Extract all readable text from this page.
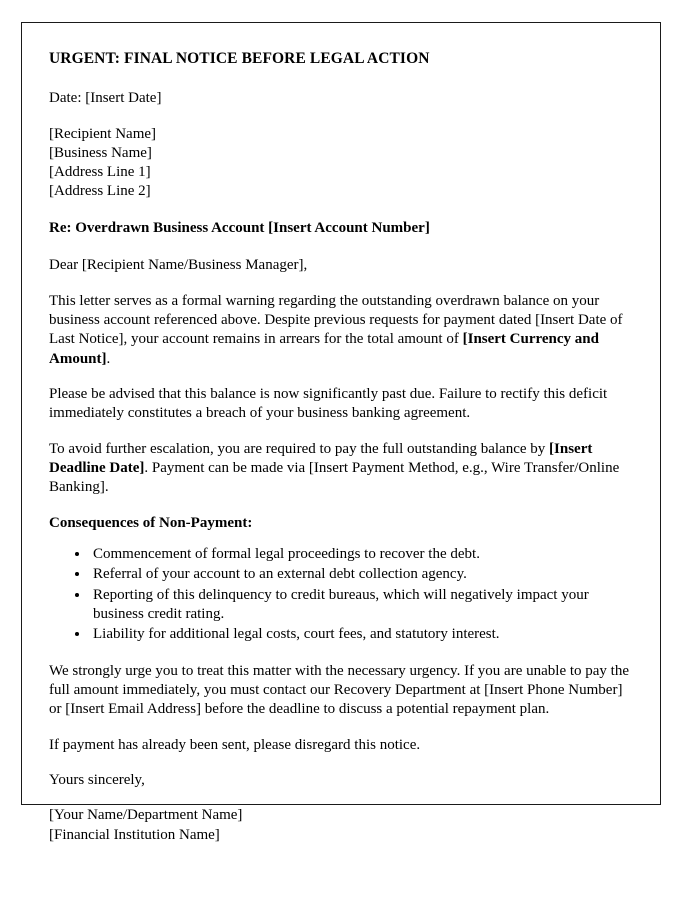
URGENT: FINAL NOTICE BEFORE LEGAL ACTION

Date: [Insert Date]

[Recipient Name]
[Business Name]
[Address Line 1]
[Address Line 2]

Re: Overdrawn Business Account [Insert Account Number]

Dear [Recipient Name/Business Manager],

This letter serves as a formal warning regarding the outstanding overdrawn balance on your business account referenced above. Despite previous requests for payment dated [Insert Date of Last Notice], your account remains in arrears for the total amount of [Insert Currency and Amount].

Please be advised that this balance is now significantly past due. Failure to rectify this deficit immediately constitutes a breach of your business banking agreement.

To avoid further escalation, you are required to pay the full outstanding balance by [Insert Deadline Date]. Payment can be made via [Insert Payment Method, e.g., Wire Transfer/Online Banking].

Consequences of Non-Payment:

• Commencement of formal legal proceedings to recover the debt.
• Referral of your account to an external debt collection agency.
• Reporting of this delinquency to credit bureaus, which will negatively impact your business credit rating.
• Liability for additional legal costs, court fees, and statutory interest.

We strongly urge you to treat this matter with the necessary urgency. If you are unable to pay the full amount immediately, you must contact our Recovery Department at [Insert Phone Number] or [Insert Email Address] before the deadline to discuss a potential repayment plan.

If payment has already been sent, please disregard this notice.

Yours sincerely,

[Your Name/Department Name]
[Financial Institution Name]
